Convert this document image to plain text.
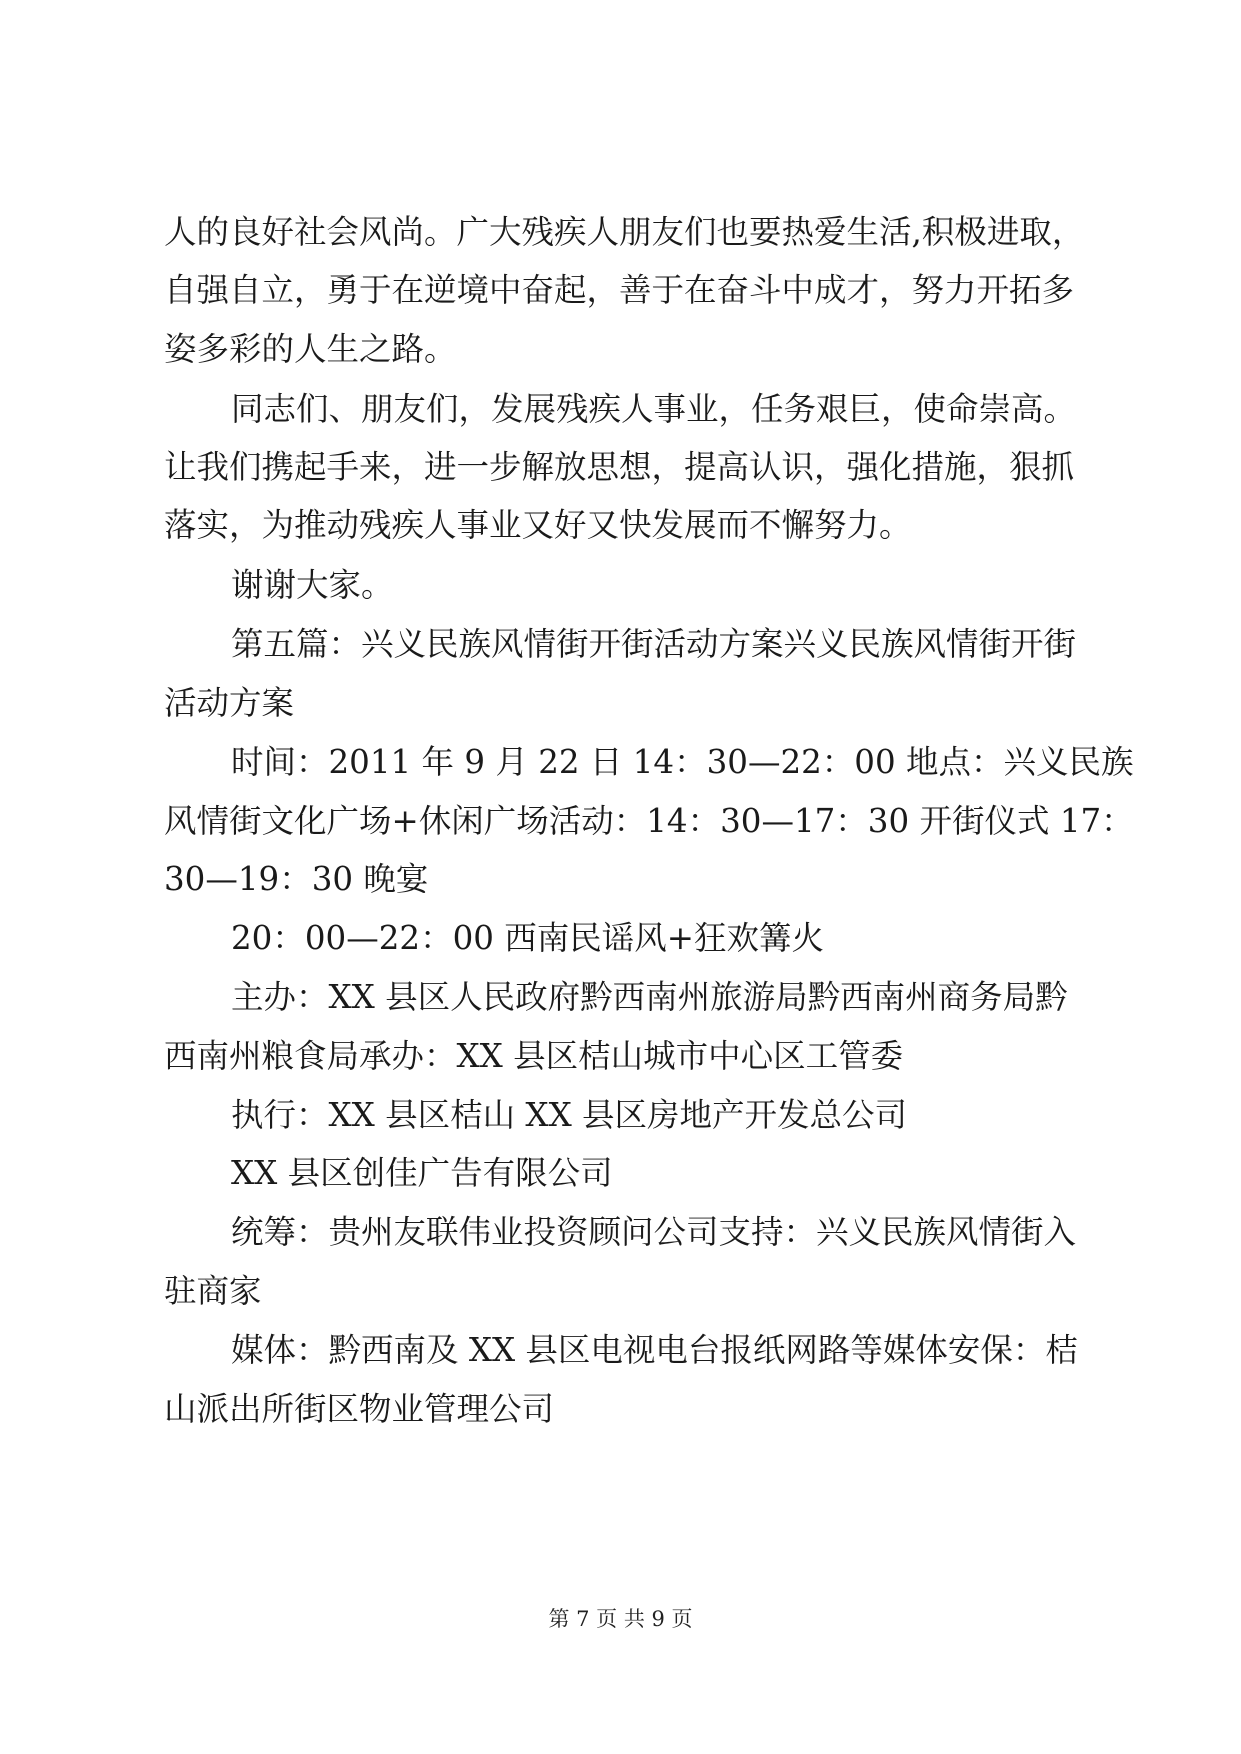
人的良好社会风尚。广大残疾人朋友们也要热爱生活,积极进取，

自强自立，勇于在逆境中奋起，善于在奋斗中成才，努力开拓多

姿多彩的人生之路。

同志们、朋友们，发展残疾人事业，任务艰巨，使命崇高。

让我们携起手来，进一步解放思想，提高认识，强化措施，狠抓

落实，为推动残疾人事业又好又快发展而不懈努力。

谢谢大家。

第五篇：兴义民族风情街开街活动方案兴义民族风情街开街

活动方案

时间：2011 年 9 月 22 日 14：30—22：00 地点：兴义民族

风情街文化广场+休闲广场活动：14：30—17：30 开街仪式 17：

30—19：30 晚宴

20：00—22：00 西南民谣风+狂欢篝火

主办：XX 县区人民政府黔西南州旅游局黔西南州商务局黔

西南州粮食局承办：XX 县区桔山城市中心区工管委

执行：XX 县区桔山 XX 县区房地产开发总公司

XX 县区创佳广告有限公司

统筹：贵州友联伟业投资顾问公司支持：兴义民族风情街入

驻商家

媒体：黔西南及 XX 县区电视电台报纸网路等媒体安保：桔

山派出所街区物业管理公司

第 7 页 共 9 页
